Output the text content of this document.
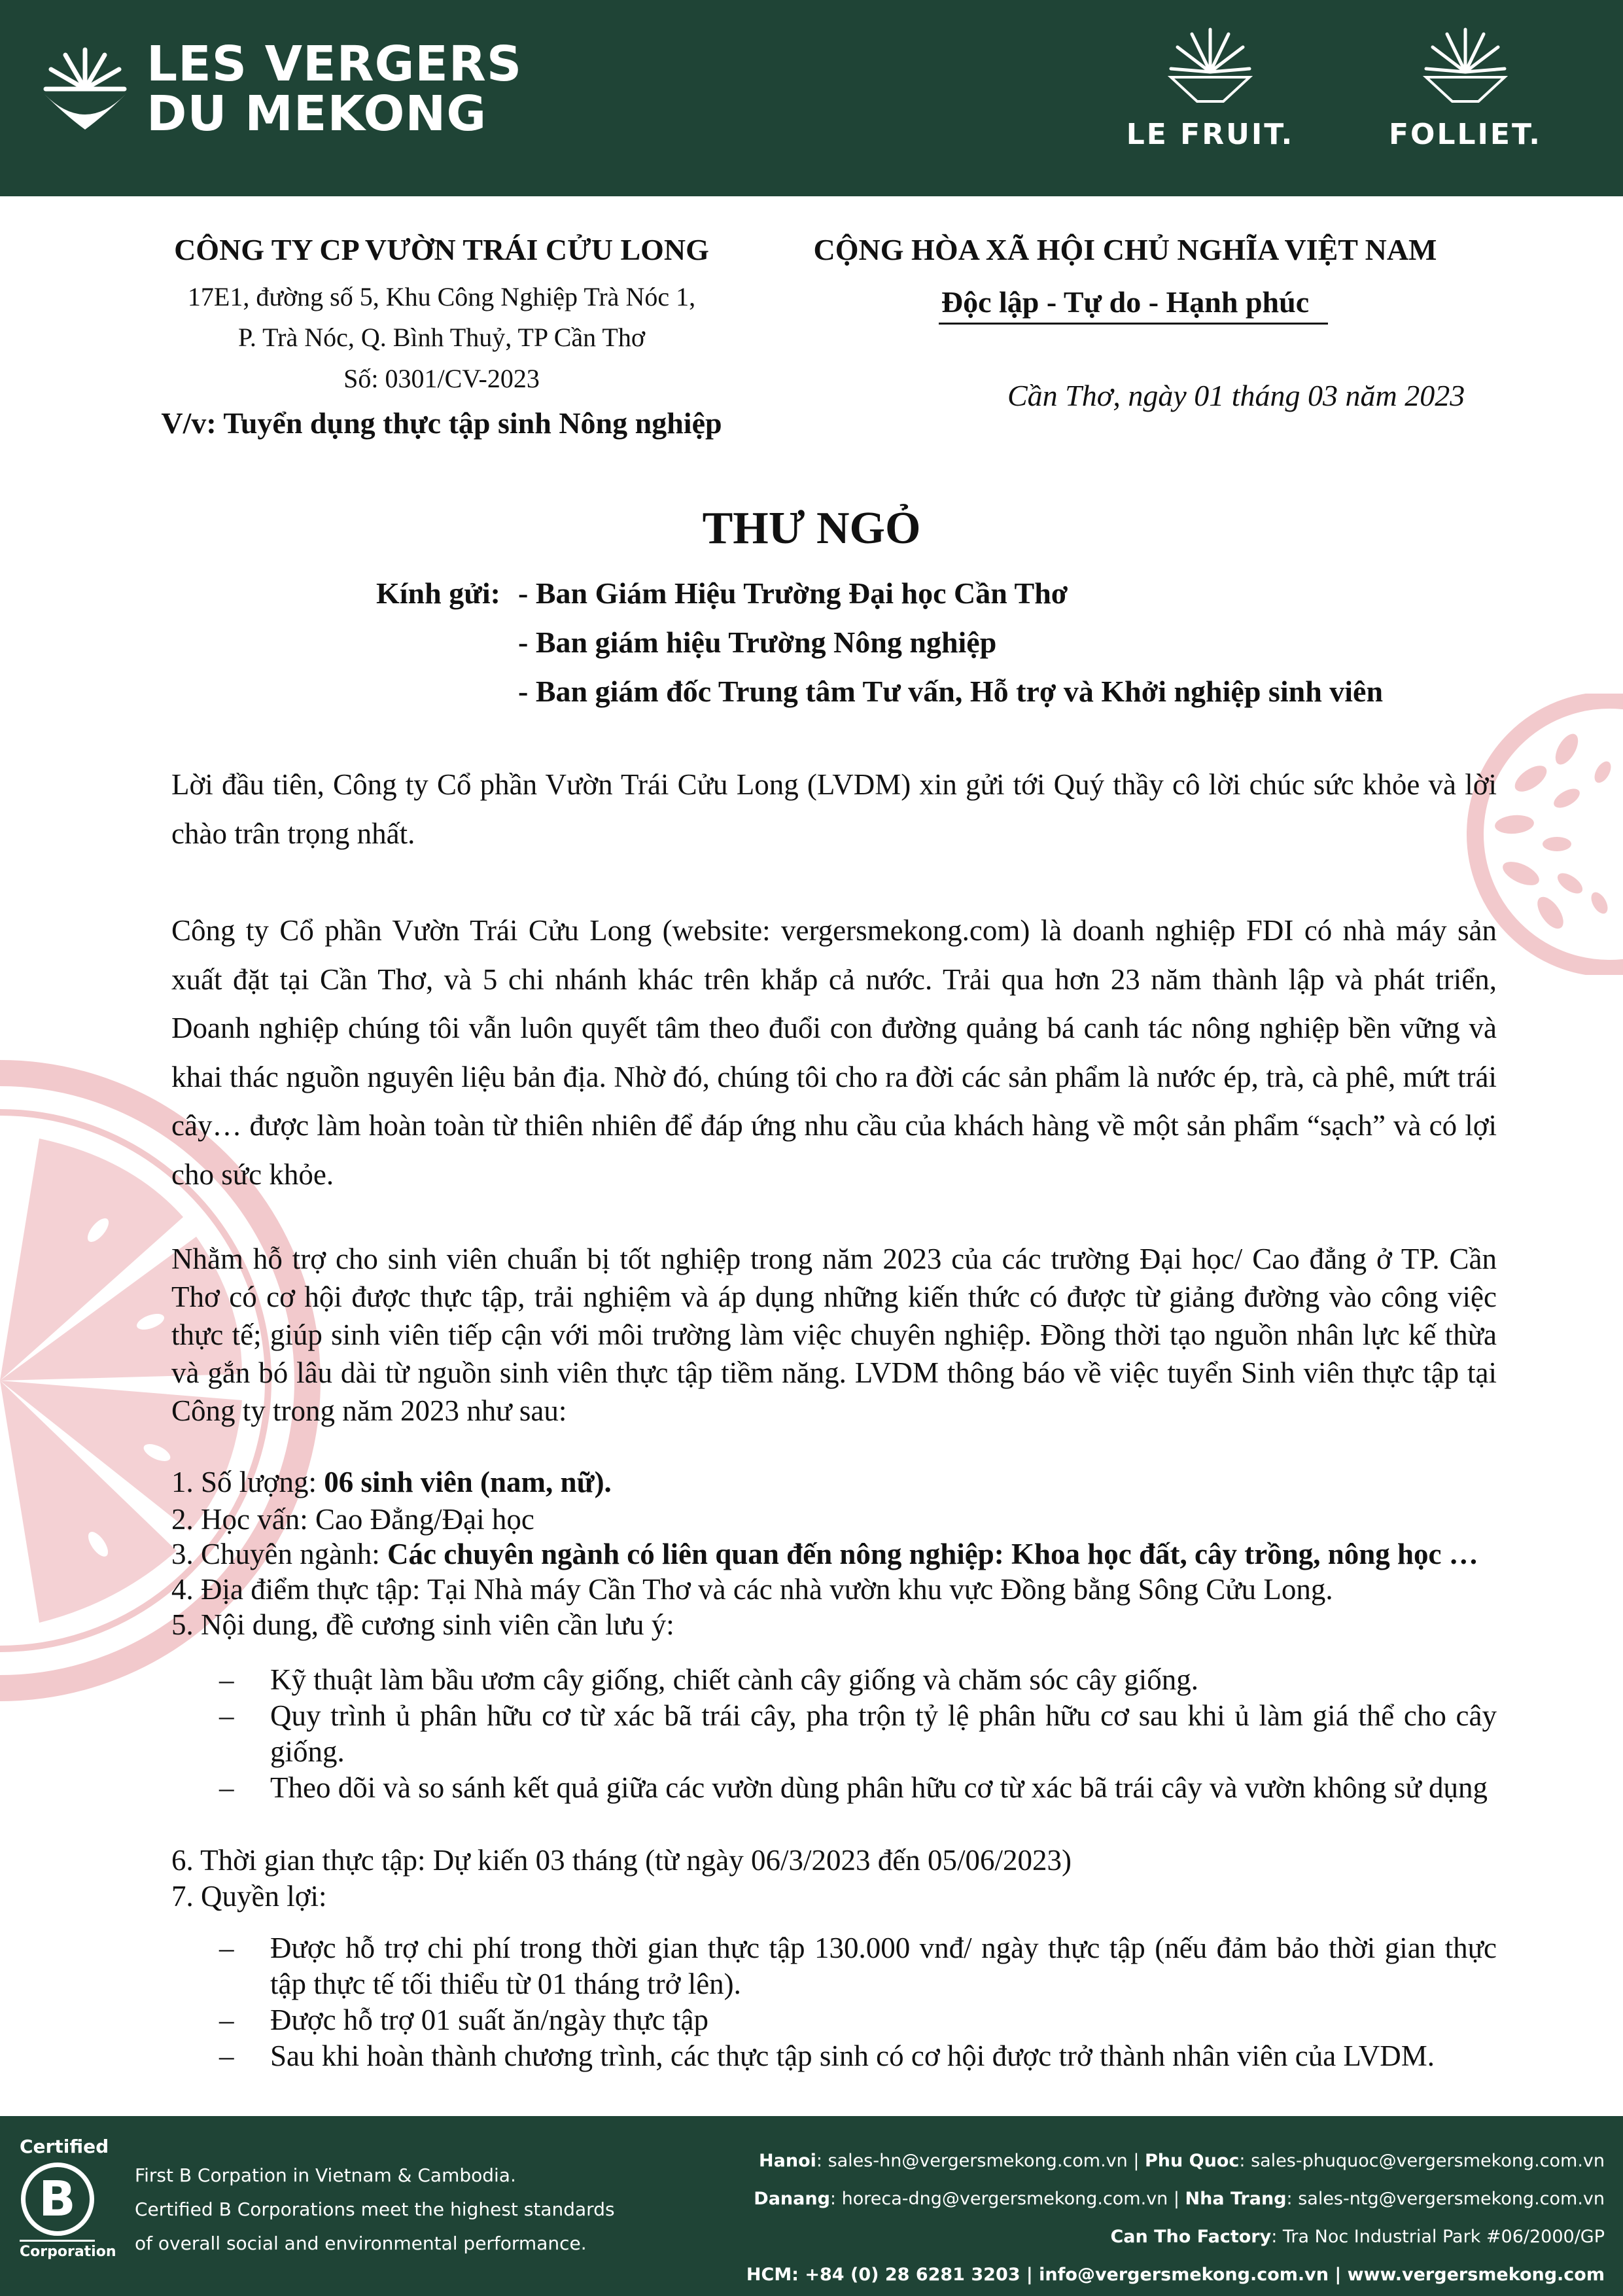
LES VERGERS
DU MEKONG	LE FRUIT.	FOLLIET.
CÔNG TY CP VƯỜN TRÁI CỬU LONG
17E1, đường số 5, Khu Công Nghiệp Trà Nóc 1,
P. Trà Nóc, Q. Bình Thuỷ, TP Cần Thơ
Số: 0301/CV-2023
V/v: Tuyển dụng thực tập sinh Nông nghiệp
CỘNG HÒA XÃ HỘI CHỦ NGHĨA VIỆT NAM
Độc lập - Tự do - Hạnh phúc
Cần Thơ, ngày 01 tháng 03 năm 2023
THƯ NGỎ
Kính gửi: - Ban Giám Hiệu Trường Đại học Cần Thơ
- Ban giám hiệu Trường Nông nghiệp
- Ban giám đốc Trung tâm Tư vấn, Hỗ trợ và Khởi nghiệp sinh viên
Lời đầu tiên, Công ty Cổ phần Vườn Trái Cửu Long (LVDM) xin gửi tới Quý thầy cô lời chúc sức khỏe và lời chào trân trọng nhất.
Công ty Cổ phần Vườn Trái Cửu Long (website: vergersmekong.com) là doanh nghiệp FDI có nhà máy sản xuất đặt tại Cần Thơ, và 5 chi nhánh khác trên khắp cả nước. Trải qua hơn 23 năm thành lập và phát triển, Doanh nghiệp chúng tôi vẫn luôn quyết tâm theo đuổi con đường quảng bá canh tác nông nghiệp bền vững và khai thác nguồn nguyên liệu bản địa. Nhờ đó, chúng tôi cho ra đời các sản phẩm là nước ép, trà, cà phê, mứt trái cây… được làm hoàn toàn từ thiên nhiên để đáp ứng nhu cầu của khách hàng về một sản phẩm “sạch” và có lợi cho sức khỏe.
Nhằm hỗ trợ cho sinh viên chuẩn bị tốt nghiệp trong năm 2023 của các trường Đại học/ Cao đẳng ở TP. Cần Thơ có cơ hội được thực tập, trải nghiệm và áp dụng những kiến thức có được từ giảng đường vào công việc thực tế; giúp sinh viên tiếp cận với môi trường làm việc chuyên nghiệp. Đồng thời tạo nguồn nhân lực kế thừa và gắn bó lâu dài từ nguồn sinh viên thực tập tiềm năng. LVDM thông báo về việc tuyển Sinh viên thực tập tại Công ty trong năm 2023 như sau:
1. Số lượng: 06 sinh viên (nam, nữ).
2. Học vấn: Cao Đẳng/Đại học
3. Chuyên ngành: Các chuyên ngành có liên quan đến nông nghiệp: Khoa học đất, cây trồng, nông học …
4. Địa điểm thực tập: Tại Nhà máy Cần Thơ và các nhà vườn khu vực Đồng bằng Sông Cửu Long.
5. Nội dung, đề cương sinh viên cần lưu ý:
– Kỹ thuật làm bầu ươm cây giống, chiết cành cây giống và chăm sóc cây giống.
– Quy trình ủ phân hữu cơ từ xác bã trái cây, pha trộn tỷ lệ phân hữu cơ sau khi ủ làm giá thể cho cây giống.
– Theo dõi và so sánh kết quả giữa các vườn dùng phân hữu cơ từ xác bã trái cây và vườn không sử dụng
6. Thời gian thực tập: Dự kiến 03 tháng (từ ngày 06/3/2023 đến 05/06/2023)
7. Quyền lợi:
– Được hỗ trợ chi phí trong thời gian thực tập 130.000 vnđ/ ngày thực tập (nếu đảm bảo thời gian thực tập thực tế tối thiểu từ 01 tháng trở lên).
– Được hỗ trợ 01 suất ăn/ngày thực tập
– Sau khi hoàn thành chương trình, các thực tập sinh có cơ hội được trở thành nhân viên của LVDM.
Certified
B
Corporation
First B Corpation in Vietnam & Cambodia.
Certified B Corporations meet the highest standards
of overall social and environmental performance.
Hanoi: sales-hn@vergersmekong.com.vn | Phu Quoc: sales-phuquoc@vergersmekong.com.vn
Danang: horeca-dng@vergersmekong.com.vn | Nha Trang: sales-ntg@vergersmekong.com.vn
Can Tho Factory: Tra Noc Industrial Park #06/2000/GP
HCM: +84 (0) 28 6281 3203 | info@vergersmekong.com.vn | www.vergersmekong.com
